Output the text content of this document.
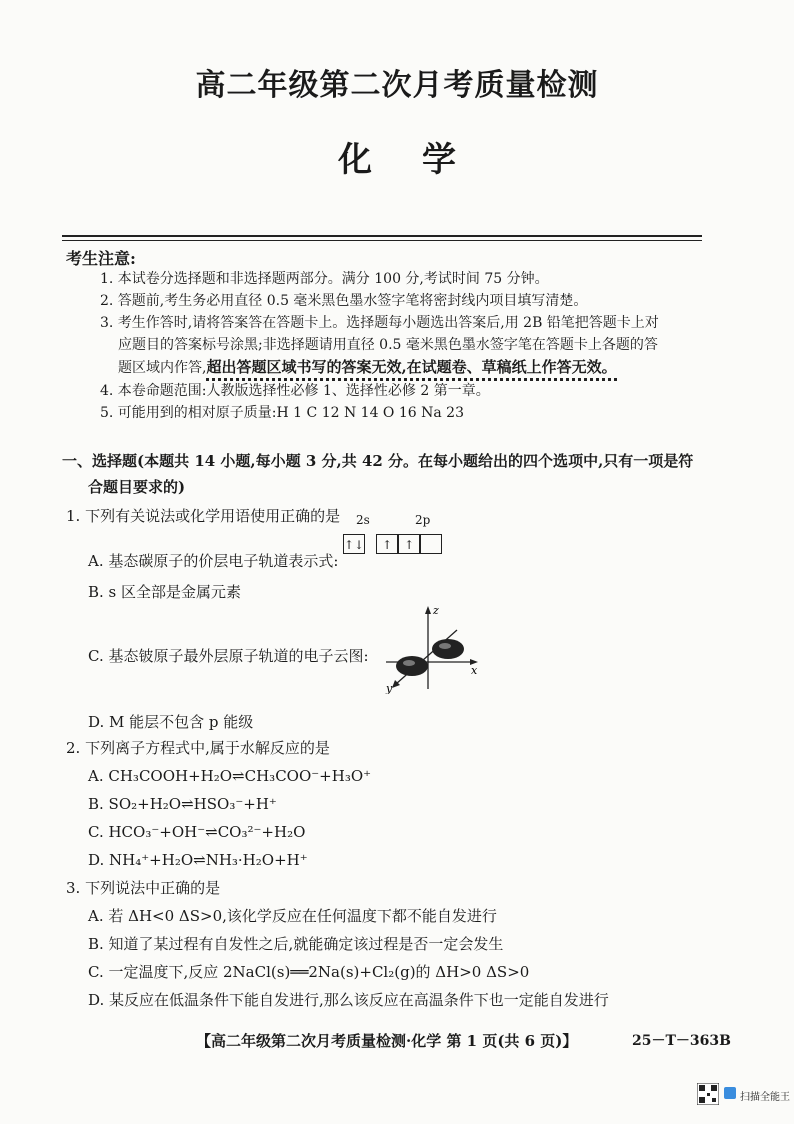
高二年级第二次月考质量检测
化学
考生注意:
1. 本试卷分选择题和非选择题两部分。满分 100 分,考试时间 75 分钟。
2. 答题前,考生务必用直径 0.5 毫米黑色墨水签字笔将密封线内项目填写清楚。
3. 考生作答时,请将答案答在答题卡上。选择题每小题选出答案后,用 2B 铅笔把答题卡上对
应题目的答案标号涂黑;非选择题请用直径 0.5 毫米黑色墨水签字笔在答题卡上各题的答
题区域内作答,超出答题区域书写的答案无效,在试题卷、草稿纸上作答无效。
4. 本卷命题范围:人教版选择性必修 1、选择性必修 2 第一章。
5. 可能用到的相对原子质量:H 1 C 12 N 14 O 16 Na 23
一、选择题(本题共 14 小题,每小题 3 分,共 42 分。在每小题给出的四个选项中,只有一项是符
合题目要求的)
1. 下列有关说法或化学用语使用正确的是
A. 基态碳原子的价层电子轨道表示式:
2s	2p
↑↓ ↑ ↑
B. s 区全部是金属元素
C. 基态铍原子最外层原子轨道的电子云图:
z
x
y
D. M 能层不包含 p 能级
2. 下列离子方程式中,属于水解反应的是
A. CH₃COOH+H₂O⇌CH₃COO⁻+H₃O⁺
B. SO₂+H₂O⇌HSO₃⁻+H⁺
C. HCO₃⁻+OH⁻⇌CO₃²⁻+H₂O
D. NH₄⁺+H₂O⇌NH₃·H₂O+H⁺
3. 下列说法中正确的是
A. 若 ΔH<0 ΔS>0,该化学反应在任何温度下都不能自发进行
B. 知道了某过程有自发性之后,就能确定该过程是否一定会发生
C. 一定温度下,反应 2NaCl(s)══2Na(s)+Cl₂(g)的 ΔH>0 ΔS>0
D. 某反应在低温条件下能自发进行,那么该反应在高温条件下也一定能自发进行
【高二年级第二次月考质量检测·化学 第 1 页(共 6 页)】	25－T－363B
扫描全能王
